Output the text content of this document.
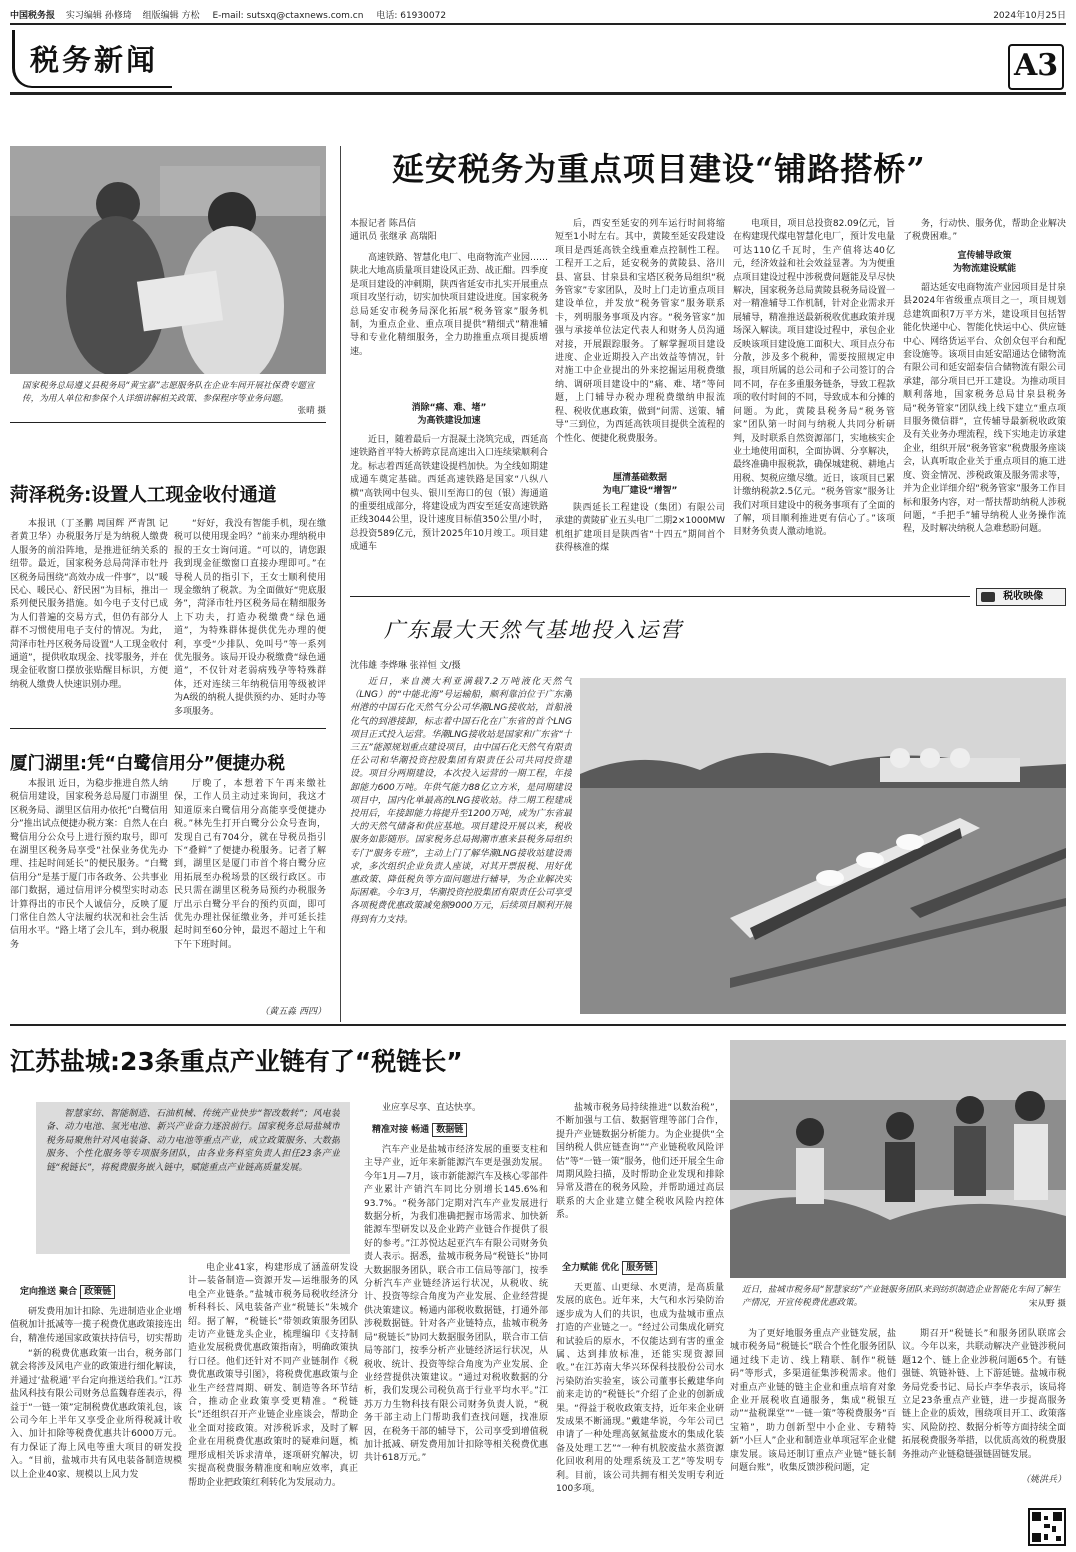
中国税务报 实习编辑 孙修琦 组版编辑 方松 E-mail: sutsxq@ctaxnews.com.cn 电话: 61930072	2024年10月25日
税务新闻	A3
国家税务总局遵义县税务局“黄宝嘉”志愿服务队在企业车间开展社保费专题宣传，为用人单位和参保个人详细讲解相关政策、参保程序等业务问题。
张晴 摄
菏泽税务:设置人工现金收付通道

本报讯（丁圣鹏 周国辉 严青凯 记者黄卫华）办税服务厅是为纳税人缴费人服务的前沿阵地，是推进征纳关系的纽带。最近，国家税务总局菏泽市牡丹区税务局围绕“高效办成一件事”，以“暖民心、暖民心、舒民困”为目标，推出一系列便民服务措施。如今电子支付已成为人们普遍的交易方式，但仍有部分人群不习惯使用电子支付的情况。为此，菏泽市牡丹区税务局设置“人工现金收付通道”，提供收取现金、找零服务，并在现金征收窗口摆放张贴醒目标识，方便纳税人缴费人快速识别办理。

“好好，我没有智能手机，现在缴税可以使用现金吗？”前来办理纳税申报的王女士询问道。“可以的，请您跟我到现金征缴窗口直接办理即可。”在导税人员的指引下，王女士顺利使用现金缴纳了税款。为全面做好“兜底服务”，菏泽市牡丹区税务局在精细服务上下功夫，打造办税缴费“绿色通道”，为特殊群体提供优先办理的便利，享受“少排队、免叫号”等一系列优先服务。该局开设办税缴费“绿色通道”，不仅针对老弱病残孕等特殊群体，还对连续三年纳税信用等级被评为A级的纳税人提供预约办、延时办等多项服务。

厦门湖里:凭“白鹭信用分”便捷办税

本报讯 近日，为稳步推进自然人纳税信用建设，国家税务总局厦门市湖里区税务局、湖里区信用办依托“白鹭信用分”推出试点便捷办税方案：自然人在白鹭信用分公众号上进行预约取号，即可在湖里区税务局享受“社保业务优先办理、挂起时间延长”的便民服务。“白鹭信用分”是基于厦门市各政务、公共事业部门数据，通过信用评分模型实时动态计算得出的市民个人诚信分，反映了厦门常住自然人守法履约状况和社会生活信用水平。“路上堵了会儿车，到办税服务

厅晚了，本想着下午再来缴社保，工作人员主动过来询问，我这才知道原来白鹭信用分高能享受便捷办税。”林先生打开白鹭分公众号查询，发现自己有704分，就在导税员指引下“叠鲜”了便捷办税服务。记者了解到，湖里区是厦门市首个将白鹭分应用拓展至办税场景的区级行政区。市民只需在湖里区税务局预约办税服务厅出示白鹭分平台的预约页面，即可优先办理社保征缴业务，并可延长挂起时间至60分钟，最迟不超过上午和下午下班时间。

（黄五淼 西四）
延安税务为重点项目建设“铺路搭桥”
本报记者 陈昌信
通讯员 张继承 高瑞阳

高速铁路、智慧化电厂、电商物流产业园……陕北大地高质量项目建设风正劲、战正酣。四季度是项目建设的冲刺期，陕西省延安市扎实开展重点项目攻坚行动，切实加快项目建设进度。国家税务总局延安市税务局深化拓展“税务管家”服务机制，为重点企业、重点项目提供“精细式”精准辅导和专业化精细服务，全力助推重点项目提质增速。

消除“痛、难、堵”
为高铁建设加速

近日，随着最后一方混凝土浇筑完成，西延高速铁路首平特大桥跨京昆高速出入口连续梁顺利合龙。标志着西延高铁建设提档加快。为全线如期建成通车奠定基础。西延高速铁路是国家“八纵八横”高铁网中包头、银川至海口的包（银）海通道的重要组成部分，将建设成为西安至延安高速铁路正线3044公里，设计速度目标值350公里/小时，总投资589亿元，预计2025年10月竣工。项目建成通车

后，西安至延安的列车运行时间将缩短至1小时左右。其中，黄陵至延安段建设项目是西延高铁全线重难点控制性工程。工程开工之后，延安税务的黄陵县、洛川县、富县、甘泉县和宝塔区税务局组织“税务管家”专家团队，及时上门走访重点项目建设单位，并发放“税务管家”服务联系卡，列明服务事项及内容。“税务管家”加强与承接单位法定代表人和财务人员沟通对接，开展跟踪服务。了解掌握项目建设进度、企业近期投入产出效益等情况，针对施工中企业提出的外来挖掘运用税费缴纳、调研项目建设中的“痛、难、堵”等问题，上门辅导办税办理税费缴纳申报流程、税收优惠政策，做到“问需、送策、辅导”三到位，为西延高铁项目提供全流程的个性化、便捷化税费服务。

厘清基础数据
为电厂建设“增智”

陕西延长工程建设（集团）有限公司承建的黄陵矿业五头电厂二期2×1000MW机组扩建项目是陕西省“十四五”期间首个获得核准的煤

电项目，项目总投资82.09亿元，旨在构建现代煤电智慧化电厂，预计发电量可达110亿千瓦时，生产值将达40亿元，经济效益和社会效益显著。为为便重点项目建设过程中涉税费问题能及早尽快解决，国家税务总局黄陵县税务局设置一对一精准辅导工作机制，针对企业需求开展辅导，精准推送最新税收优惠政策并现场深入解读。项目建设过程中，承包企业反映该项目建设施工面积大、项目点分布分散，涉及多个税种，需要按照规定申报，项目所属的总公司和子公司签订的合同不同，存在多重服务链条，导致工程款项的收付时间的不同，导致成本和分摊的问题。为此，黄陵县税务局“税务管家”团队第一时间与纳税人共同分析研判，及时联系自然资源部门，实地核实企业土地使用面积，全面协调、分享解决，最终准确申报税款，确保城建税、耕地占用税、契税应缴尽缴。近日，该项目已累计缴纳税款2.5亿元。“税务管家”服务让我们对项目建设中的税务事项有了全面的了解，项目顺利推进更有信心了。”该项目财务负责人激动地说。

务，行动快、服务优，帮助企业解决了税费困难。”

宣传辅导政策
为物流建设赋能

韶达延安电商物流产业园项目是甘泉县2024年省级重点项目之一，项目规划总建筑面积7万平方米，建设项目包括智能化快递中心、智能化快运中心、供应链中心、网络货运平台、众创众包平台和配套设施等。该项目由延安韶通达仓储物流有限公司和延安韶泰信合储物流有限公司承建，部分项目已开工建设。为推动项目顺利落地，国家税务总局甘泉县税务局“税务管家”团队线上线下建立“重点项目服务微信群”，宣传辅导最新税收政策及有关业务办理流程，线下实地走访承建企业，组织开展“税务管家”税费服务座谈会，认真听取企业关于重点项目的施工进度、资金情况、涉税政策及服务需求等，并为企业详细介绍“税务管家”服务工作目标和服务内容，对一帮扶帮助纳税人涉税问题，“手把手”辅导纳税人业务操作流程，及时解决纳税人急难愁盼问题。

$^{税收映像}$
广东最大天然气基地投入运营
沈伟雄 李烨琳 张祥恒 文/摄

近日，来自澳大利亚满载7.2万吨液化天然气（LNG）的“中能北海”号运输船，顺利靠泊位于广东潮州港的中国石化天然气分公司华潮LNG接收站，首船液化气的到港接卸，标志着中国石化在广东省的首个LNG项目正式投入运营。华潮LNG接收站是国家和广东省“十三五”能源规划重点建设项目，由中国石化天然气有限责任公司和华潮投资控股集团有限责任公司共同投资建设。项目分两期建设，本次投入运营的一期工程，年接卸能力600万吨。年供气能力88亿立方米，是同期建设项目中，国内化单最高的LNG接收站。待二期工程建成投用后，年接卸能力将提升至1200万吨，成为广东省最大的天然气储备和供应基地。项目建设开展以来，税收服务如影随形。国家税务总局揭潮市惠来县税务局组织专门“服务专班”，主动上门了解华潮LNG接收站建设需求，多次组织企业负责人座谈，对其开票报税、用好优惠政策、降低税负等方面问题进行辅导，为企业解决实际困难。今年3月，华潮投资控股集团有限责任公司享受各项税费优惠政策减免额9000万元，后续项目顺利开展得到有力支持。

江苏盐城:23条重点产业链有了“税链长”

智慧家纺、智能制造、石油机械、传统产业快步“智改数转”；风电装备、动力电池、氢光电池、新兴产业奋力逐浪前行。国家税务总局盐城市税务局聚焦针对风电装备、动力电池等重点产业，成立政策服务、大数据服务、个性化服务等专项服务团队，由各业务科室负责人担任23条产业链“税链长”，将税费服务嵌入链中，赋能重点产业链高质量发展。

定向推送 聚合 政策链

研发费用加计扣除、先进制造业企业增值税加计抵减等一揽子税费优惠政策接连出台，精准传递国家政策扶持信号，切实帮助

“新的税费优惠政策一出台，税务部门就会将涉及风电产业的政策进行细化解读，并通过‘盐税通’平台定向推送给我们。”江苏盐风科技有限公司财务总监魏春莲表示，得益于“一链一策”定制税费优惠政策礼包，该公司今年上半年又享受企业所得税减计收入、加计扣除等税费优惠共计6000万元。有力保证了海上风电等重大项目的研发投入。“目前，盐城市共有风电装备制造规模以上企业40家、规模以上风力发

电企业41家，构建形成了涵盖研发设计—装备制造—资源开发—运维服务的风电全产业链条。”盐城市税务局税收经济分析科科长、风电装备产业“税链长”朱城介绍。据了解，“税链长”带领政策服务团队走访产业链龙头企业，梳理编印《支持制造业发展税费优惠政策指南》，明确政策执行口径。他们还针对不同产业链制作《税费优惠政策导引图》，将税费优惠政策与企业生产经营周期、研发、制造等各环节结合，推动企业政策享受更精准。“税链长”还组织召开产业链企业座谈会，帮助企业全面对接政策。对涉税诉求，及时了解企业在用税费优惠政策时的疑难问题，梳理形成相关诉求清单，逐项研究解决，切实提高税费服务精准度和响应效率，真正帮助企业把政策红利转化为发展动力。

业应享尽享、直达快享。

精准对接 畅通 数据链

汽车产业是盐城市经济发展的重要支柱和主导产业，近年来新能源汽车更是强劲发展。今年1月—7月，该市新能源汽车及核心零部件产业累计产销汽车同比分别增长145.6%和93.7%。“税务部门定期对汽车产业发展进行数据分析，为我们准确把握市场需求、加快新能源车型研发以及企业跨产业链合作提供了很好的参考。”江苏悦达起亚汽车有限公司财务负责人表示。据悉，盐城市税务局“税链长”协同大数据服务团队，联合市工信局等部门，按季分析汽车产业链经济运行状况，从税收、统计、投资等综合角度为产业发展、企业经营提供决策建议。畅通内部税收数据链，打通外部涉税数据链。针对各产业链特点，盐城市税务局“税链长”协同大数据服务团队，联合市工信局等部门，按季分析产业链经济运行状况，从税收、统计、投资等综合角度为产业发展、企业经营提供决策建议。“通过对税收数据的分析，我们发现公司税负高于行业平均水平。”江苏万力生物科技有限公司财务负责人说，“税务干部主动上门帮助我们查找问题，找准原因，在税务干部的辅导下，公司享受到增值税加计抵减、研发费用加计扣除等相关税费优惠共计618万元。”

盐城市税务局持续推进“以数治税”，不断加强与工信、数据管理等部门合作，提升产业链数据分析能力。为企业提供“全国纳税人供应链查询”“产业链税收风险评估”等“一链一策”服务，他们还开展全生命周期风险扫描，及时帮助企业发现和排除异常及潜在的税务风险，并帮助通过高层联系的大企业建立健全税收风险内控体系。

全力赋能 优化 服务链

天更蓝、山更绿、水更清，是高质量发展的底色。近年来，大气和水污染防治逐步成为人们的共识，也成为盐城市重点打造的产业链之一。“经过公司集成化研究和试验后的原水，不仅能达到有害的重金属、达到排放标准，还能实现资源回收。”在江苏南大华兴环保科技股份公司水污染防治实验室，该公司董事长戴建华向前来走访的“税链长”介绍了企业的创新成果。“得益于税收政策支持，近年来企业研发成果不断涌现。”戴建华说，今年公司已申请了一种处理高氨氮盐废水的集成化装备及处理工艺”“一种有机胶废盐水蒸资源化回收利用的处理系统及工艺”等发明专利。目前，该公司共拥有相关发明专利近100多项。

近日，盐城市税务局“智慧家纺”产业链服务团队来到纺织制造企业智能化车间了解生产情况，开宣传税费优惠政策。	宋从野 摄

为了更好地服务重点产业链发展，盐城市税务局“税链长”联合个性化服务团队通过线下走访、线上精联、制作“税链码”等形式，多渠道征集涉税需求。他们对重点产业链的链主企业和重点培育对象企业开展税收直通服务，集成“税银互动”“盐税课堂”“一链一策”等税费服务“百宝箱”，助力创新型中小企业、专精特新“小巨人”企业和制造业单项冠军企业健康发展。该局还制订重点产业链“链长制问题台账”，收集反馈涉税问题，定

期召开“税链长”和服务团队联席会议。今年以来，共联动解决产业链涉税问题12个、链上企业涉税问题65个。有链强链、筑链补链、上下游延链。盐城市税务局党委书记、局长卢李华表示，该局将立足23条重点产业链，进一步提高服务链上企业的质效，围绕项目开工、政策落实、风险防控、数据分析等方面持续全面拓展税费服务举措，以优质高效的税费服务推动产业链稳链强链固链发展。

（姚洪兵）
